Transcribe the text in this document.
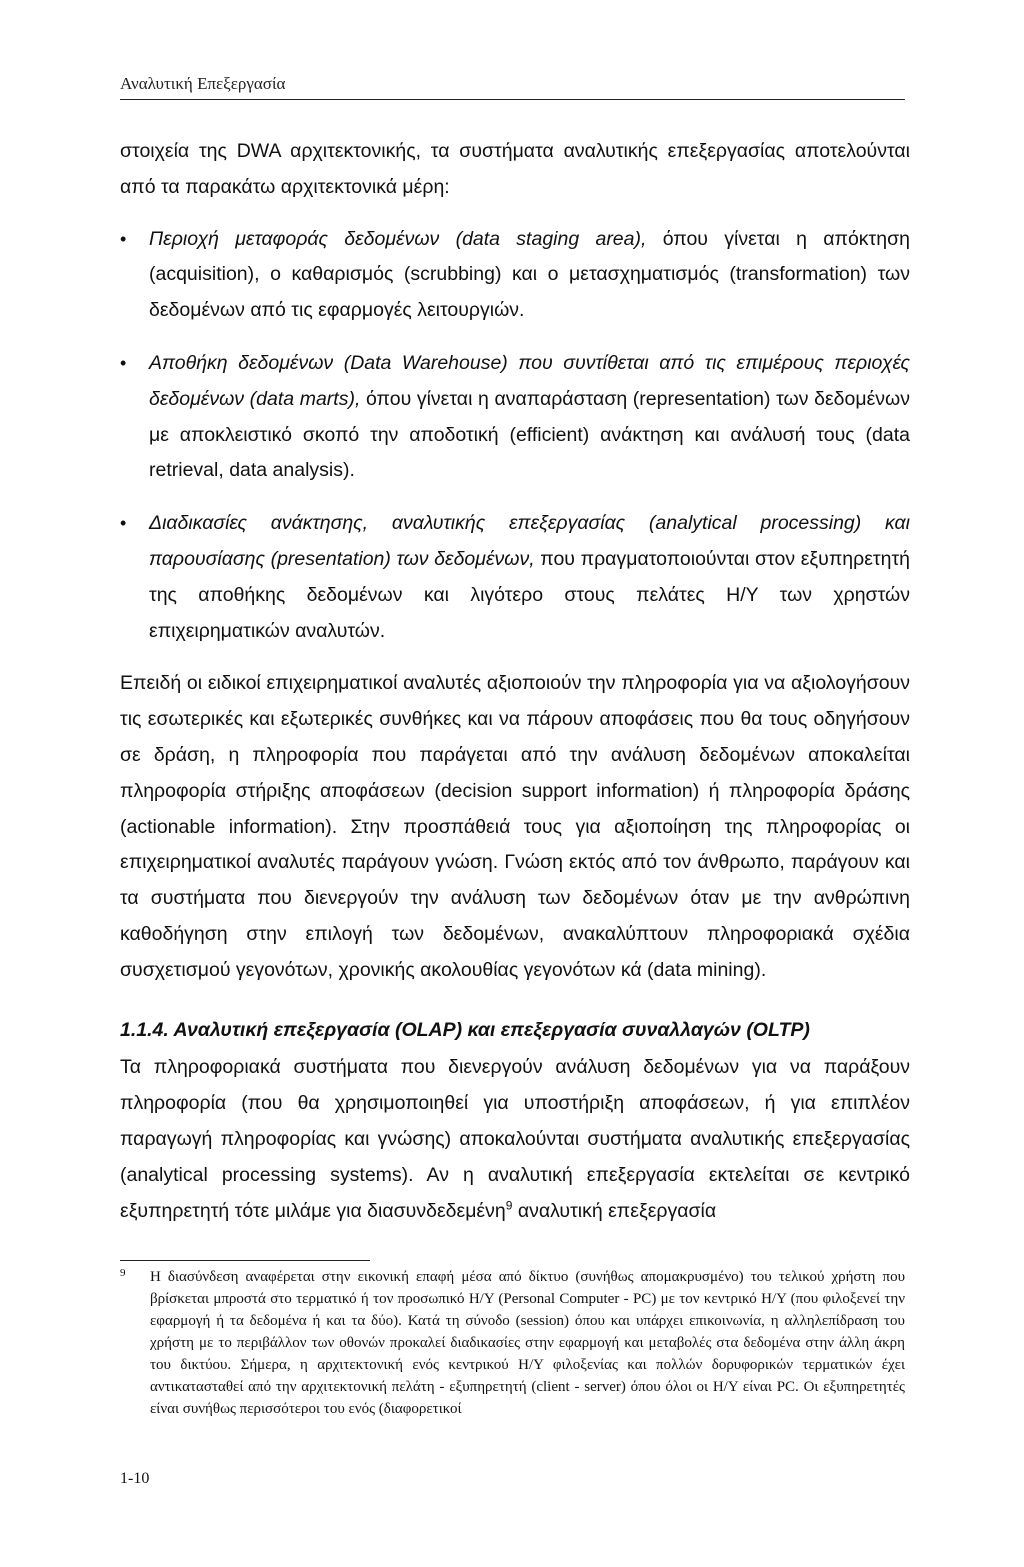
Αναλυτική Επεξεργασία

στοιχεία της DWA αρχιτεκτονικής, τα συστήματα αναλυτικής επεξεργασίας αποτελούνται από τα παρακάτω αρχιτεκτονικά μέρη:

• Περιοχή μεταφοράς δεδομένων (data staging area), όπου γίνεται η απόκτηση (acquisition), ο καθαρισμός (scrubbing) και ο μετασχηματισμός (transformation) των δεδομένων από τις εφαρμογές λειτουργιών.
• Αποθήκη δεδομένων (Data Warehouse) που συντίθεται από τις επιμέρους περιοχές δεδομένων (data marts), όπου γίνεται η αναπαράσταση (representation) των δεδομένων με αποκλειστικό σκοπό την αποδοτική (efficient) ανάκτηση και ανάλυσή τους (data retrieval, data analysis).
• Διαδικασίες ανάκτησης, αναλυτικής επεξεργασίας (analytical processing) και παρουσίασης (presentation) των δεδομένων, που πραγματοποιούνται στον εξυπηρετητή της αποθήκης δεδομένων και λιγότερο στους πελάτες Η/Υ των χρηστών επιχειρηματικών αναλυτών.

Επειδή οι ειδικοί επιχειρηματικοί αναλυτές αξιοποιούν την πληροφορία για να αξιολογήσουν τις εσωτερικές και εξωτερικές συνθήκες και να πάρουν αποφάσεις που θα τους οδηγήσουν σε δράση, η πληροφορία που παράγεται από την ανάλυση δεδομένων αποκαλείται πληροφορία στήριξης αποφάσεων (decision support information) ή πληροφορία δράσης (actionable information). Στην προσπάθειά τους για αξιοποίηση της πληροφορίας οι επιχειρηματικοί αναλυτές παράγουν γνώση. Γνώση εκτός από τον άνθρωπο, παράγουν και τα συστήματα που διενεργούν την ανάλυση των δεδομένων όταν με την ανθρώπινη καθοδήγηση στην επιλογή των δεδομένων, ανακαλύπτουν πληροφοριακά σχέδια συσχετισμού γεγονότων, χρονικής ακολουθίας γεγονότων κά (data mining).

1.1.4. Αναλυτική επεξεργασία (OLAP) και επεξεργασία συναλλαγών (OLTP)

Τα πληροφοριακά συστήματα που διενεργούν ανάλυση δεδομένων για να παράξουν πληροφορία (που θα χρησιμοποιηθεί για υποστήριξη αποφάσεων, ή για επιπλέον παραγωγή πληροφορίας και γνώσης) αποκαλούνται συστήματα αναλυτικής επεξεργασίας (analytical processing systems). Αν η αναλυτική επεξεργασία εκτελείται σε κεντρικό εξυπηρετητή τότε μιλάμε για διασυνδεδεμένη$^9$ αναλυτική επεξεργασία

9	Η διασύνδεση αναφέρεται στην εικονική επαφή μέσα από δίκτυο (συνήθως απομακρυσμένο) του τελικού χρήστη που βρίσκεται μπροστά στο τερματικό ή τον προσωπικό Η/Υ (Personal Computer - PC) με τον κεντρικό Η/Υ (που φιλοξενεί την εφαρμογή ή τα δεδομένα ή και τα δύο). Κατά τη σύνοδο (session) όπου και υπάρχει επικοινωνία, η αλληλεπίδραση του χρήστη με το περιβάλλον των οθονών προκαλεί διαδικασίες στην εφαρμογή και μεταβολές στα δεδομένα στην άλλη άκρη του δικτύου. Σήμερα, η αρχιτεκτονική ενός κεντρικού Η/Υ φιλοξενίας και πολλών δορυφορικών τερματικών έχει αντικατασταθεί από την αρχιτεκτονική πελάτη - εξυπηρετητή (client - server) όπου όλοι οι Η/Υ είναι PC. Οι εξυπηρετητές είναι συνήθως περισσότεροι του ενός (διαφορετικοί
1-10
